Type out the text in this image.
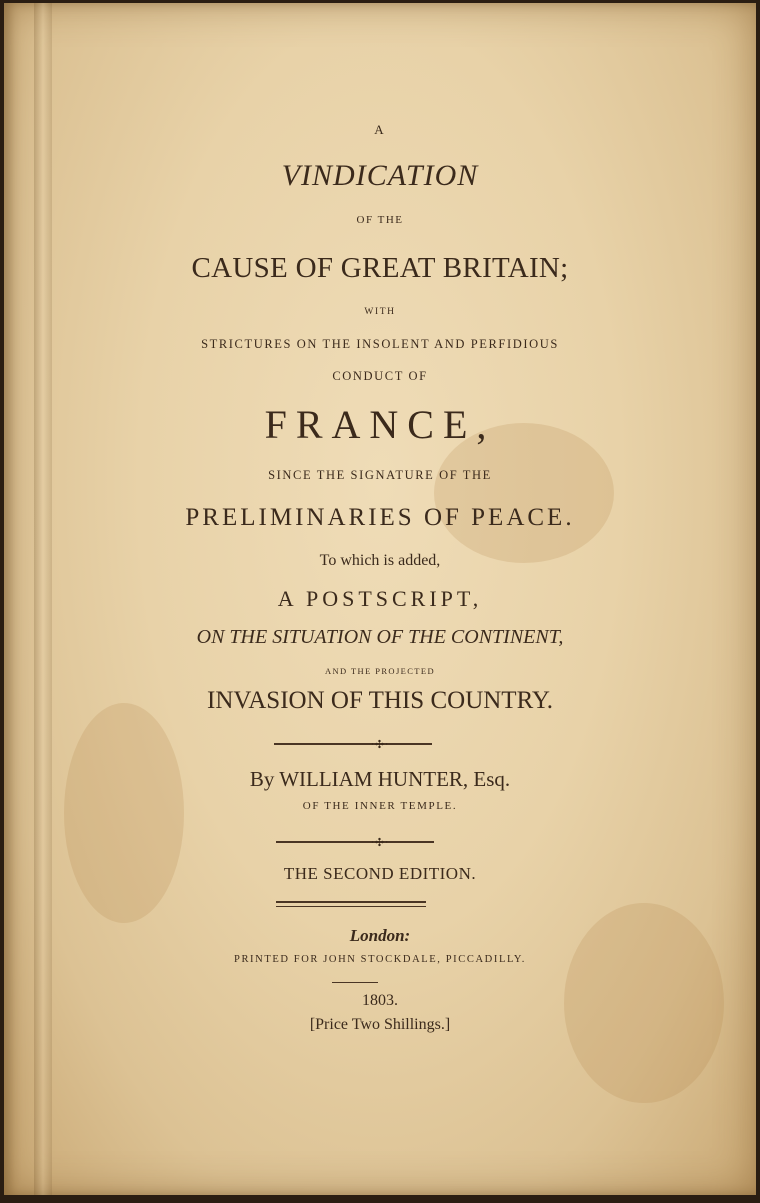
A
VINDICATION
OF THE
CAUSE OF GREAT BRITAIN;
WITH
STRICTURES ON THE INSOLENT AND PERFIDIOUS
CONDUCT OF
FRANCE,
SINCE THE SIGNATURE OF THE
PRELIMINARIES OF PEACE.
To which is added,
A POSTSCRIPT,
ON THE SITUATION OF THE CONTINENT,
AND THE PROJECTED
INVASION OF THIS COUNTRY.
⸱✣⸱
By WILLIAM HUNTER, Esq.
OF THE INNER TEMPLE.
⸱✣⸱
THE SECOND EDITION.
London:
PRINTED FOR JOHN STOCKDALE, PICCADILLY.
1803.
[Price Two Shillings.]
